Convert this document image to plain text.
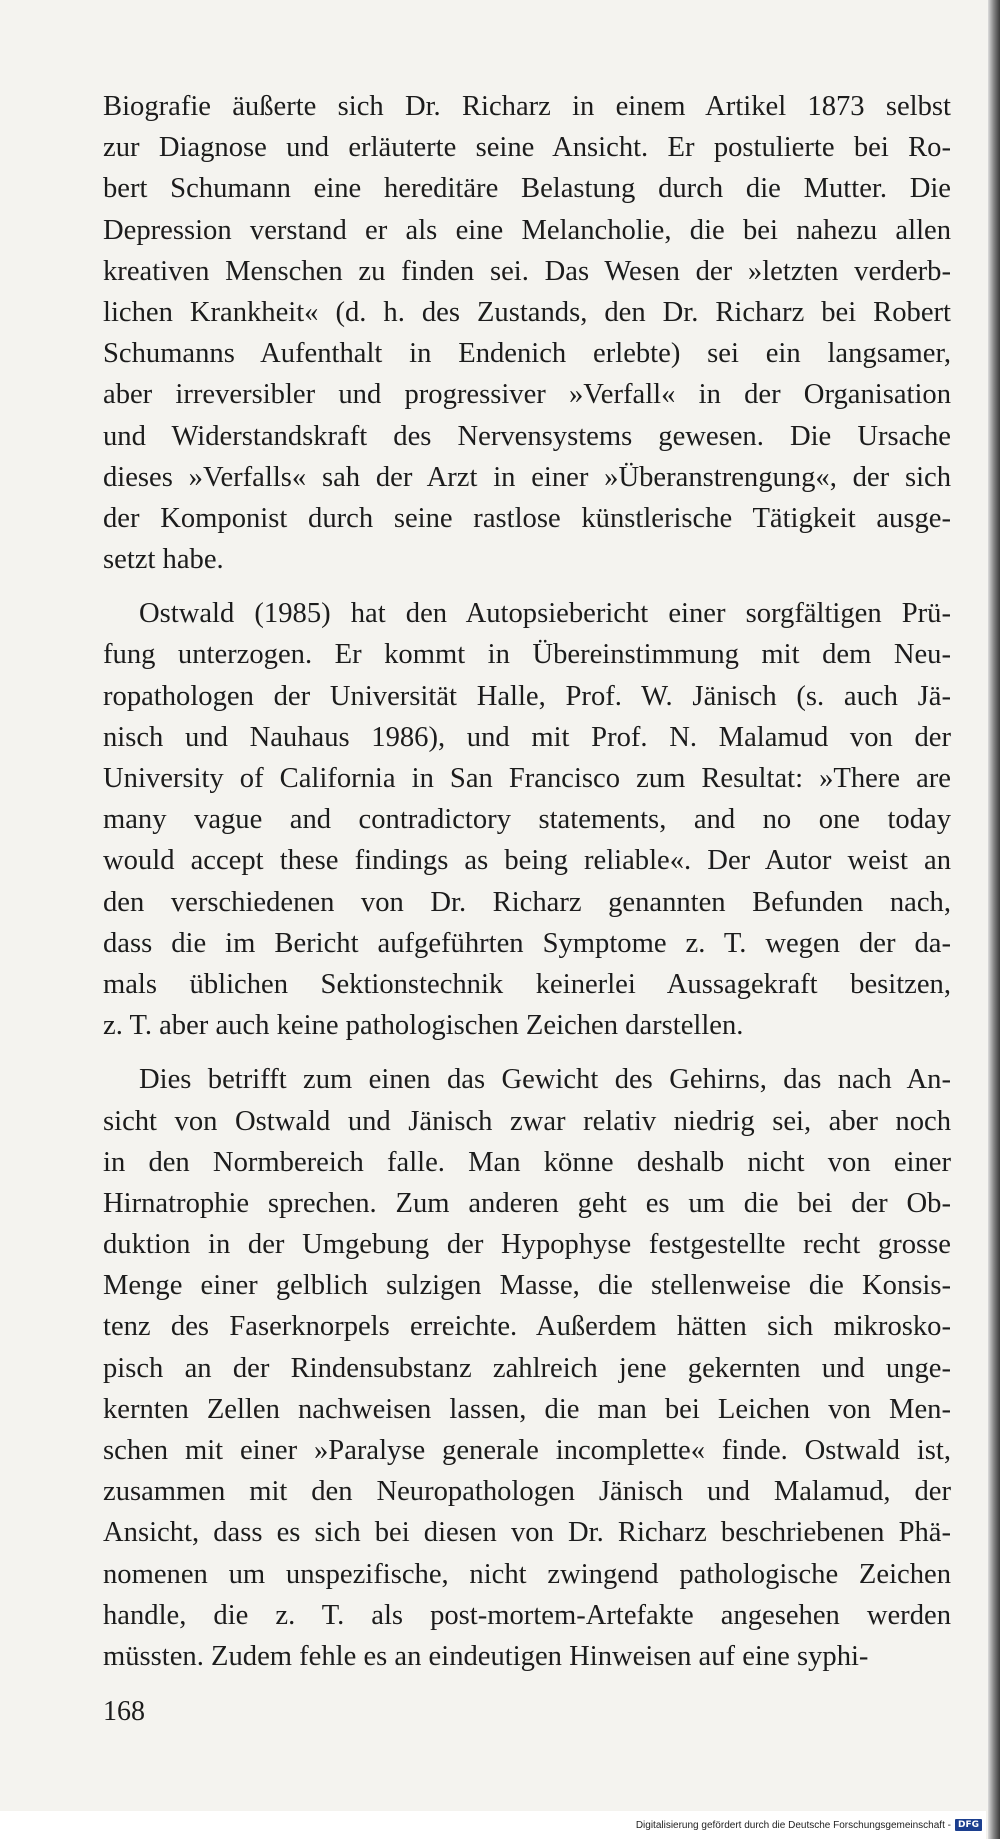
Biografie äußerte sich Dr. Richarz in einem Artikel 1873 selbst
zur Diagnose und erläuterte seine Ansicht. Er postulierte bei Ro-
bert Schumann eine hereditäre Belastung durch die Mutter. Die
Depression verstand er als eine Melancholie, die bei nahezu allen
kreativen Menschen zu finden sei. Das Wesen der »letzten verderb-
lichen Krankheit« (d. h. des Zustands, den Dr. Richarz bei Robert
Schumanns Aufenthalt in Endenich erlebte) sei ein langsamer,
aber irreversibler und progressiver »Verfall« in der Organisation
und Widerstandskraft des Nervensystems gewesen. Die Ursache
dieses »Verfalls« sah der Arzt in einer »Überanstrengung«, der sich
der Komponist durch seine rastlose künstlerische Tätigkeit ausge-
setzt habe.
Ostwald (1985) hat den Autopsiebericht einer sorgfältigen Prü-
fung unterzogen. Er kommt in Übereinstimmung mit dem Neu-
ropathologen der Universität Halle, Prof. W. Jänisch (s. auch Jä-
nisch und Nauhaus 1986), und mit Prof. N. Malamud von der
University of California in San Francisco zum Resultat: »There are
many vague and contradictory statements, and no one today
would accept these findings as being reliable«. Der Autor weist an
den verschiedenen von Dr. Richarz genannten Befunden nach,
dass die im Bericht aufgeführten Symptome z. T. wegen der da-
mals üblichen Sektionstechnik keinerlei Aussagekraft besitzen,
z. T. aber auch keine pathologischen Zeichen darstellen.
Dies betrifft zum einen das Gewicht des Gehirns, das nach An-
sicht von Ostwald und Jänisch zwar relativ niedrig sei, aber noch
in den Normbereich falle. Man könne deshalb nicht von einer
Hirnatrophie sprechen. Zum anderen geht es um die bei der Ob-
duktion in der Umgebung der Hypophyse festgestellte recht grosse
Menge einer gelblich sulzigen Masse, die stellenweise die Konsis-
tenz des Faserknorpels erreichte. Außerdem hätten sich mikrosko-
pisch an der Rindensubstanz zahlreich jene gekernten und unge-
kernten Zellen nachweisen lassen, die man bei Leichen von Men-
schen mit einer »Paralyse generale incomplette« finde. Ostwald ist,
zusammen mit den Neuropathologen Jänisch und Malamud, der
Ansicht, dass es sich bei diesen von Dr. Richarz beschriebenen Phä-
nomenen um unspezifische, nicht zwingend pathologische Zeichen
handle, die z. T. als post-mortem-Artefakte angesehen werden
müssten. Zudem fehle es an eindeutigen Hinweisen auf eine syphi-
168
Digitalisierung gefördert durch die Deutsche Forschungsgemeinschaft - DFG
